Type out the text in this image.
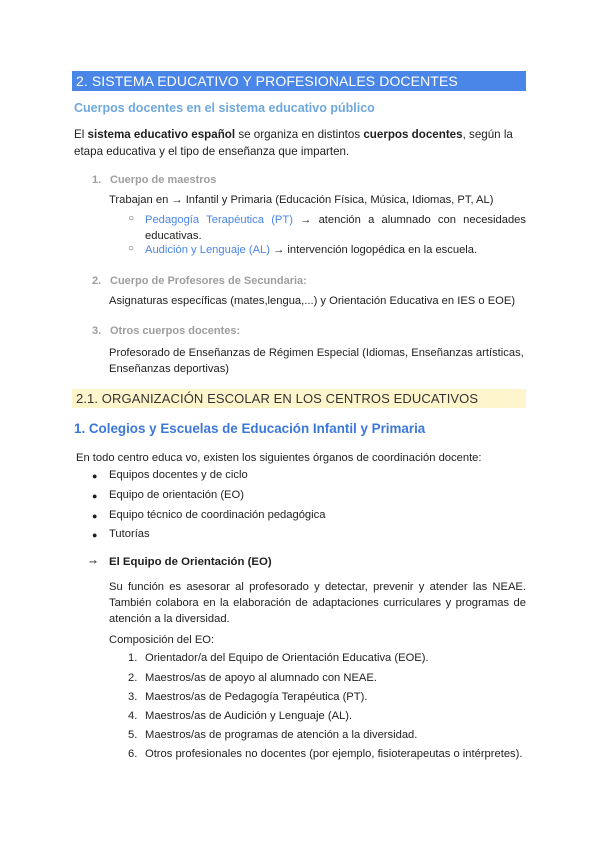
2. SISTEMA EDUCATIVO Y PROFESIONALES DOCENTES
Cuerpos docentes en el sistema educativo público
El sistema educativo español se organiza en distintos cuerpos docentes, según la etapa educativa y el tipo de enseñanza que imparten.
1. Cuerpo de maestros
Trabajan en → Infantil y Primaria (Educación Física, Música, Idiomas, PT, AL)
○ Pedagogía Terapéutica (PT) → atención a alumnado con necesidades educativas.
○ Audición y Lenguaje (AL) → intervención logopédica en la escuela.
2. Cuerpo de Profesores de Secundaria:
Asignaturas específicas (mates,lengua,...) y Orientación Educativa en IES o EOE)
3. Otros cuerpos docentes:
Profesorado de Enseñanzas de Régimen Especial (Idiomas, Enseñanzas artísticas, Enseñanzas deportivas)
2.1. ORGANIZACIÓN ESCOLAR EN LOS CENTROS EDUCATIVOS
1. Colegios y Escuelas de Educación Infantil y Primaria
En todo centro educa vo, existen los siguientes órganos de coordinación docente:
● Equipos docentes y de ciclo
● Equipo de orientación (EO)
● Equipo técnico de coordinación pedagógica
● Tutorías
➙ El Equipo de Orientación (EO)
Su función es asesorar al profesorado y detectar, prevenir y atender las NEAE. También colabora en la elaboración de adaptaciones curriculares y programas de atención a la diversidad.
Composición del EO:
1. Orientador/a del Equipo de Orientación Educativa (EOE).
2. Maestros/as de apoyo al alumnado con NEAE.
3. Maestros/as de Pedagogía Terapéutica (PT).
4. Maestros/as de Audición y Lenguaje (AL).
5. Maestros/as de programas de atención a la diversidad.
6. Otros profesionales no docentes (por ejemplo, fisioterapeutas o intérpretes).
